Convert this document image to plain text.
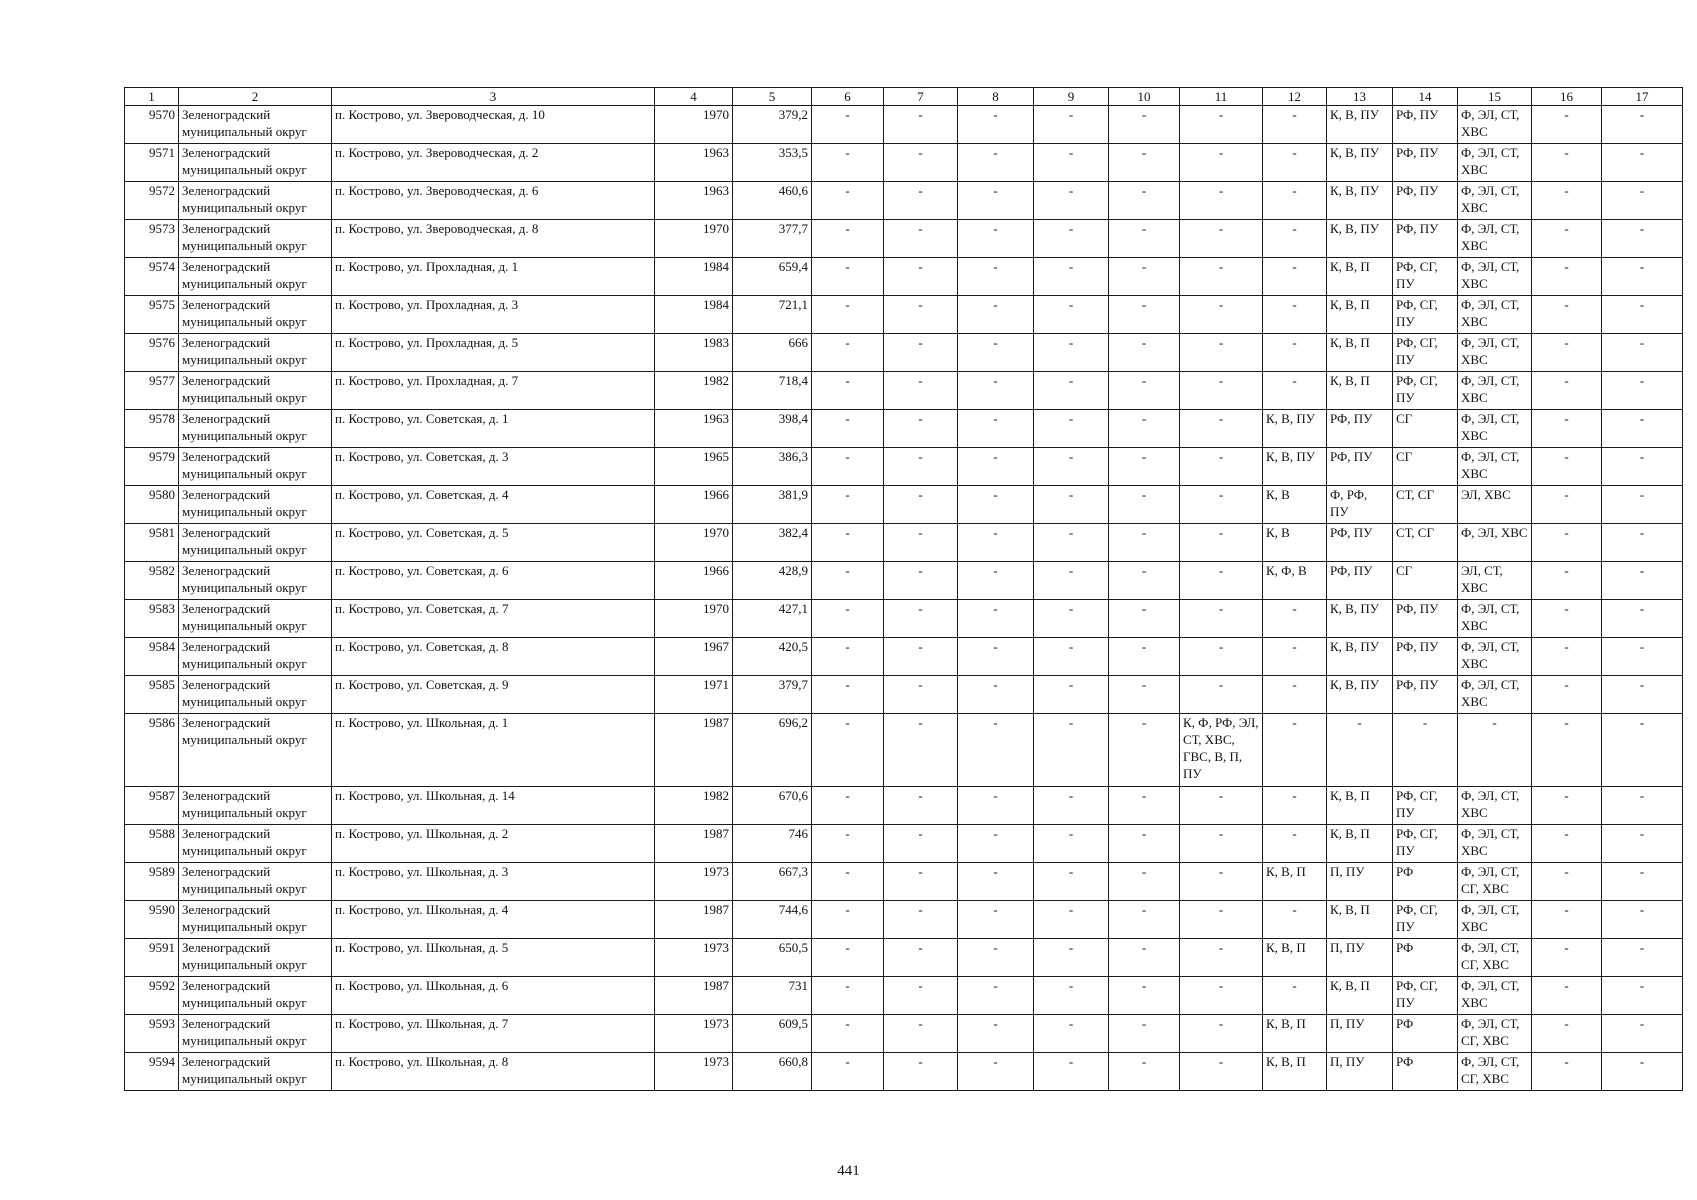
1	2	3	4	5	6	7	8	9	10	11	12	13	14	15	16	17
9570	Зеленоградский муниципальный округ	п. Кострово, ул. Звероводческая, д. 10	1970	379,2	-	-	-	-	-	-	-	К, В, ПУ	РФ, ПУ	Ф, ЭЛ, СТ, ХВС	-	-
9571	Зеленоградский муниципальный округ	п. Кострово, ул. Звероводческая, д. 2	1963	353,5	-	-	-	-	-	-	-	К, В, ПУ	РФ, ПУ	Ф, ЭЛ, СТ, ХВС	-	-
9572	Зеленоградский муниципальный округ	п. Кострово, ул. Звероводческая, д. 6	1963	460,6	-	-	-	-	-	-	-	К, В, ПУ	РФ, ПУ	Ф, ЭЛ, СТ, ХВС	-	-
9573	Зеленоградский муниципальный округ	п. Кострово, ул. Звероводческая, д. 8	1970	377,7	-	-	-	-	-	-	-	К, В, ПУ	РФ, ПУ	Ф, ЭЛ, СТ, ХВС	-	-
9574	Зеленоградский муниципальный округ	п. Кострово, ул. Прохладная, д. 1	1984	659,4	-	-	-	-	-	-	-	К, В, П	РФ, СГ, ПУ	Ф, ЭЛ, СТ, ХВС	-	-
9575	Зеленоградский муниципальный округ	п. Кострово, ул. Прохладная, д. 3	1984	721,1	-	-	-	-	-	-	-	К, В, П	РФ, СГ, ПУ	Ф, ЭЛ, СТ, ХВС	-	-
9576	Зеленоградский муниципальный округ	п. Кострово, ул. Прохладная, д. 5	1983	666	-	-	-	-	-	-	-	К, В, П	РФ, СГ, ПУ	Ф, ЭЛ, СТ, ХВС	-	-
9577	Зеленоградский муниципальный округ	п. Кострово, ул. Прохладная, д. 7	1982	718,4	-	-	-	-	-	-	-	К, В, П	РФ, СГ, ПУ	Ф, ЭЛ, СТ, ХВС	-	-
9578	Зеленоградский муниципальный округ	п. Кострово, ул. Советская, д. 1	1963	398,4	-	-	-	-	-	-	К, В, ПУ	РФ, ПУ	СГ	Ф, ЭЛ, СТ, ХВС	-	-
9579	Зеленоградский муниципальный округ	п. Кострово, ул. Советская, д. 3	1965	386,3	-	-	-	-	-	-	К, В, ПУ	РФ, ПУ	СГ	Ф, ЭЛ, СТ, ХВС	-	-
9580	Зеленоградский муниципальный округ	п. Кострово, ул. Советская, д. 4	1966	381,9	-	-	-	-	-	-	К, В	Ф, РФ, ПУ	СТ, СГ	ЭЛ, ХВС	-	-
9581	Зеленоградский муниципальный округ	п. Кострово, ул. Советская, д. 5	1970	382,4	-	-	-	-	-	-	К, В	РФ, ПУ	СТ, СГ	Ф, ЭЛ, ХВС	-	-
9582	Зеленоградский муниципальный округ	п. Кострово, ул. Советская, д. 6	1966	428,9	-	-	-	-	-	-	К, Ф, В	РФ, ПУ	СГ	ЭЛ, СТ, ХВС	-	-
9583	Зеленоградский муниципальный округ	п. Кострово, ул. Советская, д. 7	1970	427,1	-	-	-	-	-	-	-	К, В, ПУ	РФ, ПУ	Ф, ЭЛ, СТ, ХВС	-	-
9584	Зеленоградский муниципальный округ	п. Кострово, ул. Советская, д. 8	1967	420,5	-	-	-	-	-	-	-	К, В, ПУ	РФ, ПУ	Ф, ЭЛ, СТ, ХВС	-	-
9585	Зеленоградский муниципальный округ	п. Кострово, ул. Советская, д. 9	1971	379,7	-	-	-	-	-	-	-	К, В, ПУ	РФ, ПУ	Ф, ЭЛ, СТ, ХВС	-	-
9586	Зеленоградский муниципальный округ	п. Кострово, ул. Школьная, д. 1	1987	696,2	-	-	-	-	-	К, Ф, РФ, ЭЛ, СТ, ХВС, ГВС, В, П, ПУ	-	-	-	-	-	-
9587	Зеленоградский муниципальный округ	п. Кострово, ул. Школьная, д. 14	1982	670,6	-	-	-	-	-	-	-	К, В, П	РФ, СГ, ПУ	Ф, ЭЛ, СТ, ХВС	-	-
9588	Зеленоградский муниципальный округ	п. Кострово, ул. Школьная, д. 2	1987	746	-	-	-	-	-	-	-	К, В, П	РФ, СГ, ПУ	Ф, ЭЛ, СТ, ХВС	-	-
9589	Зеленоградский муниципальный округ	п. Кострово, ул. Школьная, д. 3	1973	667,3	-	-	-	-	-	-	К, В, П	П, ПУ	РФ	Ф, ЭЛ, СТ, СГ, ХВС	-	-
9590	Зеленоградский муниципальный округ	п. Кострово, ул. Школьная, д. 4	1987	744,6	-	-	-	-	-	-	-	К, В, П	РФ, СГ, ПУ	Ф, ЭЛ, СТ, ХВС	-	-
9591	Зеленоградский муниципальный округ	п. Кострово, ул. Школьная, д. 5	1973	650,5	-	-	-	-	-	-	К, В, П	П, ПУ	РФ	Ф, ЭЛ, СТ, СГ, ХВС	-	-
9592	Зеленоградский муниципальный округ	п. Кострово, ул. Школьная, д. 6	1987	731	-	-	-	-	-	-	-	К, В, П	РФ, СГ, ПУ	Ф, ЭЛ, СТ, ХВС	-	-
9593	Зеленоградский муниципальный округ	п. Кострово, ул. Школьная, д. 7	1973	609,5	-	-	-	-	-	-	К, В, П	П, ПУ	РФ	Ф, ЭЛ, СТ, СГ, ХВС	-	-
9594	Зеленоградский муниципальный округ	п. Кострово, ул. Школьная, д. 8	1973	660,8	-	-	-	-	-	-	К, В, П	П, ПУ	РФ	Ф, ЭЛ, СТ, СГ, ХВС	-	-
441
